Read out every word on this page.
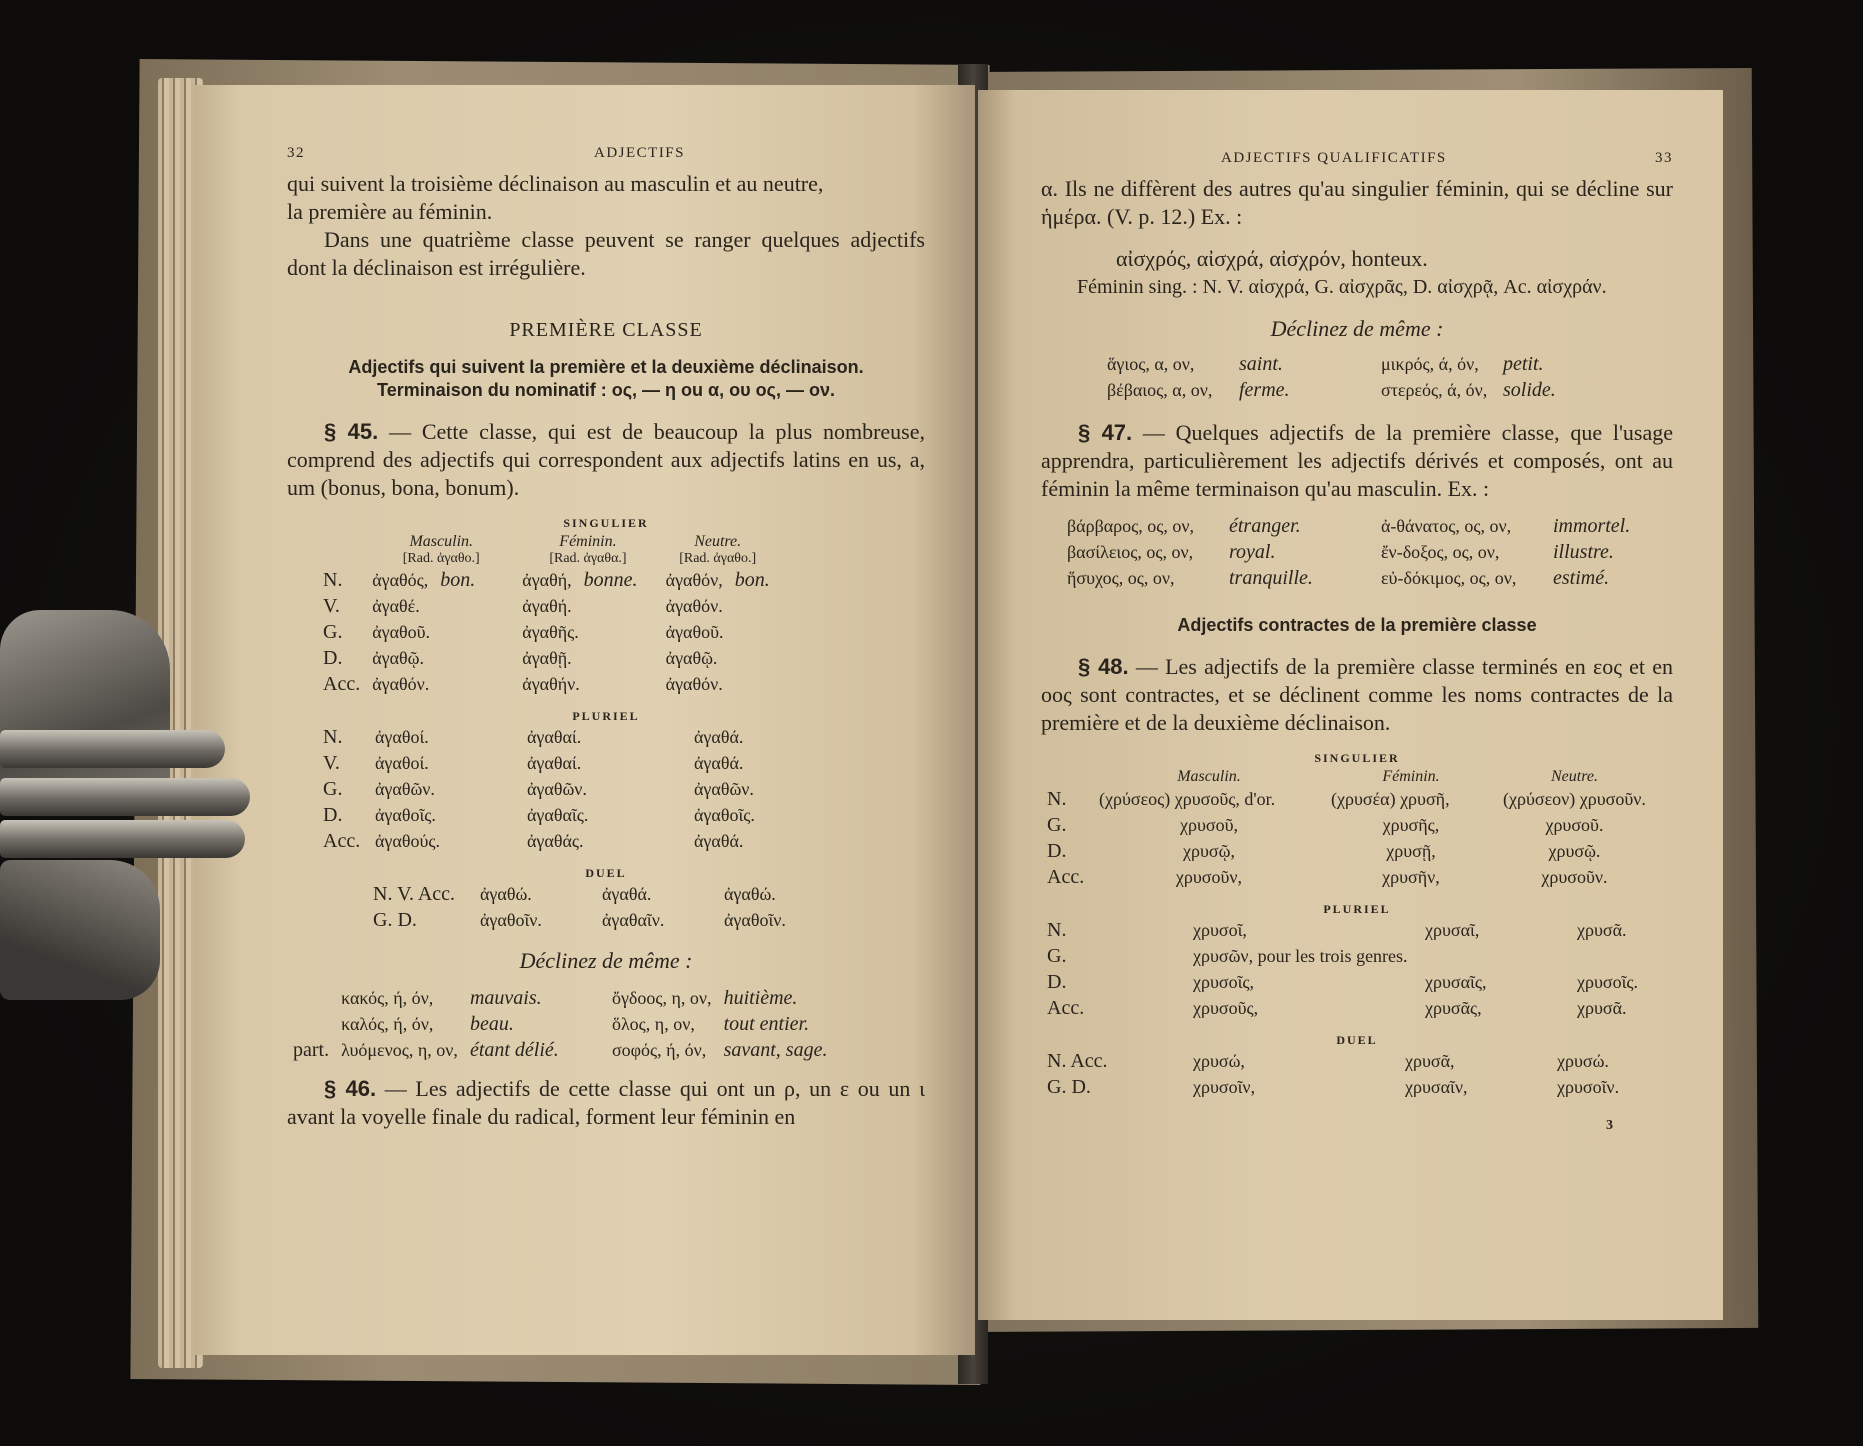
32	ADJECTIFS

qui suivent la troisième déclinaison au masculin et au neutre,

la première au féminin.

Dans une quatrième classe peuvent se ranger quelques adjectifs dont la déclinaison est irrégulière.

PREMIÈRE CLASSE

Adjectifs qui suivent la première et la deuxième déclinaison.

Terminaison du nominatif : ος, — η ou α, ου ος, — ον.

§ 45. — Cette classe, qui est de beaucoup la plus nombreuse, comprend des adjectifs qui correspondent aux adjectifs latins en us, a, um (bonus, bona, bonum).

SINGULIER
	Masculin.		Féminin.		Neutre.	
	[Rad. ἀγαθο.]		[Rad. ἀγαθα.]		[Rad. ἀγαθο.]	
N.	ἀγαθός,	bon.	ἀγαθή,	bonne.	ἀγαθόν,	bon.
V.	ἀγαθέ.		ἀγαθή.		ἀγαθόν.	
G.	ἀγαθοῦ.		ἀγαθῆς.		ἀγαθοῦ.	
D.	ἀγαθῷ.		ἀγαθῇ.		ἀγαθῷ.	
Acc.	ἀγαθόν.		ἀγαθήν.		ἀγαθόν.	
PLURIEL
N.	ἀγαθοί.	ἀγαθαί.	ἀγαθά.
V.	ἀγαθοί.	ἀγαθαί.	ἀγαθά.
G.	ἀγαθῶν.	ἀγαθῶν.	ἀγαθῶν.
D.	ἀγαθοῖς.	ἀγαθαῖς.	ἀγαθοῖς.
Acc.	ἀγαθούς.	ἀγαθάς.	ἀγαθά.
DUEL
N. V. Acc.	ἀγαθώ.	ἀγαθά.	ἀγαθώ.
G. D.	ἀγαθοῖν.	ἀγαθαῖν.	ἀγαθοῖν.

Déclinez de même :

	κακός, ή, όν,	mauvais.	ὄγδοος, η, ον,	huitième.
	καλός, ή, όν,	beau.	ὅλος, η, ον,	tout entier.
part.	λυόμενος, η, ον,	étant délié.	σοφός, ή, όν,	savant, sage.

§ 46. — Les adjectifs de cette classe qui ont un ρ, un ε ou un ι avant la voyelle finale du radical, forment leur féminin en

ADJECTIFS QUALIFICATIFS	33

α. Ils ne diffèrent des autres qu'au singulier féminin, qui se décline sur ἡμέρα. (V. p. 12.) Ex. :

αἰσχρός, αἰσχρά, αἰσχρόν, honteux.

Féminin sing. : N. V. αἰσχρά, G. αἰσχρᾶς, D. αἰσχρᾷ, Ac. αἰσχράν.

Déclinez de même :

ἅγιος, α, ον,	saint.	μικρός, ά, όν,	petit.
βέβαιος, α, ον,	ferme.	στερεός, ά, όν,	solide.

§ 47. — Quelques adjectifs de la première classe, que l'usage apprendra, particulièrement les adjectifs dérivés et composés, ont au féminin la même terminaison qu'au masculin. Ex. :

βάρβαρος, ος, ον,	étranger.	ἀ-θάνατος, ος, ον,	immortel.
βασίλειος, ος, ον,	royal.	ἔν-δοξος, ος, ον,	illustre.
ἥσυχος, ος, ον,	tranquille.	εὐ-δόκιμος, ος, ον,	estimé.

Adjectifs contractes de la première classe

§ 48. — Les adjectifs de la première classe terminés en εος et en οος sont contractes, et se déclinent comme les noms contractes de la première et de la deuxième déclinaison.

SINGULIER
	Masculin.	Féminin.	Neutre.
N.	(χρύσεος) χρυσοῦς, d'or.	(χρυσέα) χρυσῆ,	(χρύσεον) χρυσοῦν.
G.	χρυσοῦ,	χρυσῆς,	χρυσοῦ.
D.	χρυσῷ,	χρυσῇ,	χρυσῷ.
Acc.	χρυσοῦν,	χρυσῆν,	χρυσοῦν.
PLURIEL
N.	χρυσοῖ,	χρυσαῖ,	χρυσᾶ.
G.	χρυσῶν, pour les trois genres.		
D.	χρυσοῖς,	χρυσαῖς,	χρυσοῖς.
Acc.	χρυσοῦς,	χρυσᾶς,	χρυσᾶ.
DUEL
N. Acc.	χρυσώ,	χρυσᾶ,	χρυσώ.
G. D.	χρυσοῖν,	χρυσαῖν,	χρυσοῖν.
3
